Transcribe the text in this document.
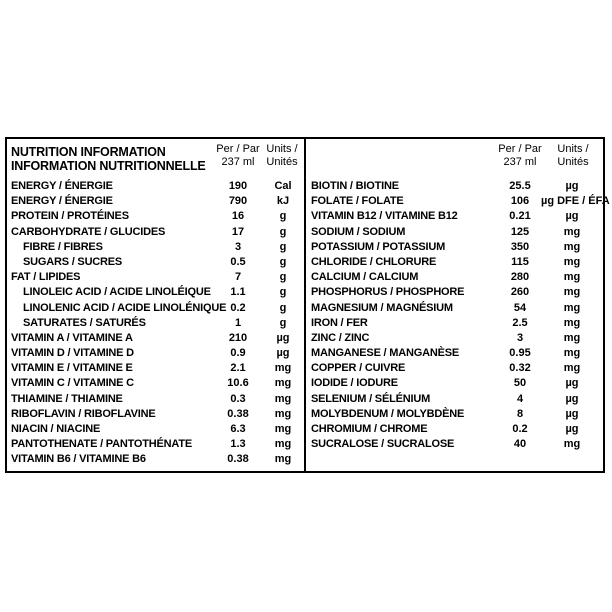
NUTRITION INFORMATION
INFORMATION NUTRITIONNELLE
Per / Par
237 ml
Units /
Unités
ENERGY / ÉNERGIE	190	Cal
ENERGY / ÉNERGIE	790	kJ
PROTEIN / PROTÉINES	16	g
CARBOHYDRATE / GLUCIDES	17	g
FIBRE / FIBRES	3	g
SUGARS / SUCRES	0.5	g
FAT / LIPIDES	7	g
LINOLEIC ACID / ACIDE LINOLÉIQUE	1.1	g
LINOLENIC ACID / ACIDE LINOLÉNIQUE 0.2	g
SATURATES / SATURÉS	1	g
VITAMIN A / VITAMINE A	210	µg
VITAMIN D / VITAMINE D	0.9	µg
VITAMIN E / VITAMINE E	2.1	mg
VITAMIN C / VITAMINE C	10.6	mg
THIAMINE / THIAMINE	0.3	mg
RIBOFLAVIN / RIBOFLAVINE	0.38	mg
NIACIN / NIACINE	6.3	mg
PANTOTHENATE / PANTOTHÉNATE	1.3	mg
VITAMIN B6 / VITAMINE B6	0.38	mg
Per / Par
237 ml
Units /
Unités
BIOTIN / BIOTINE	25.5	µg
FOLATE / FOLATE	106	µg DFE / ÉFA
VITAMIN B12 / VITAMINE B12	0.21	µg
SODIUM / SODIUM	125	mg
POTASSIUM / POTASSIUM	350	mg
CHLORIDE / CHLORURE	115	mg
CALCIUM / CALCIUM	280	mg
PHOSPHORUS / PHOSPHORE	260	mg
MAGNESIUM / MAGNÉSIUM	54	mg
IRON / FER	2.5	mg
ZINC / ZINC	3	mg
MANGANESE / MANGANÈSE	0.95	mg
COPPER / CUIVRE	0.32	mg
IODIDE / IODURE	50	µg
SELENIUM / SÉLÉNIUM	4	µg
MOLYBDENUM / MOLYBDÈNE	8	µg
CHROMIUM / CHROME	0.2	µg
SUCRALOSE / SUCRALOSE	40	mg
